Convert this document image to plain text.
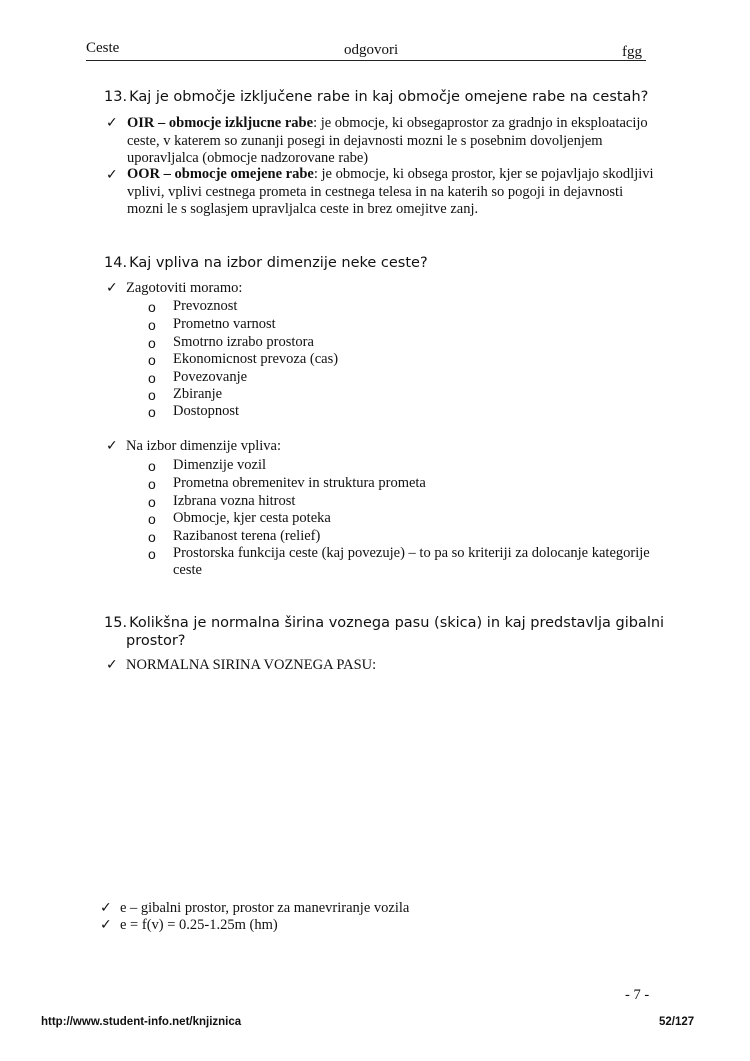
Ceste	odgovori	fgg
13. Kaj je območje izključene rabe in kaj območje omejene rabe na cestah?
✓ OIR – obmocje izkljucne rabe: je obmocje, ki obsegaprostor za gradnjo in eksploatacijo
ceste, v katerem so zunanji posegi in dejavnosti mozni le s posebnim dovoljenjem
uporavljalca (obmocje nadzorovane rabe)
✓ OOR – obmocje omejene rabe: je obmocje, ki obsega prostor, kjer se pojavljajo skodljivi
vplivi, vplivi cestnega prometa in cestnega telesa in na katerih so pogoji in dejavnosti
mozni le s soglasjem upravljalca ceste in brez omejitve zanj.
14. Kaj vpliva na izbor dimenzije neke ceste?
✓ Zagotoviti moramo:
o Prevoznost
o Prometno varnost
o Smotrno izrabo prostora
o Ekonomicnost prevoza (cas)
o Povezovanje
o Zbiranje
o Dostopnost
✓ Na izbor dimenzije vpliva:
o Dimenzije vozil
o Prometna obremenitev in struktura prometa
o Izbrana vozna hitrost
o Obmocje, kjer cesta poteka
o Razibanost terena (relief)
o Prostorska funkcija ceste (kaj povezuje) – to pa so kriteriji za dolocanje kategorije
ceste
15. Kolikšna je normalna širina voznega pasu (skica) in kaj predstavlja gibalni
prostor?
✓ NORMALNA SIRINA VOZNEGA PASU:
✓ e – gibalni prostor, prostor za manevriranje vozila
✓ e = f(v) = 0.25-1.25m (hm)
- 7 -
http://www.student-info.net/knjiznica	52/127
